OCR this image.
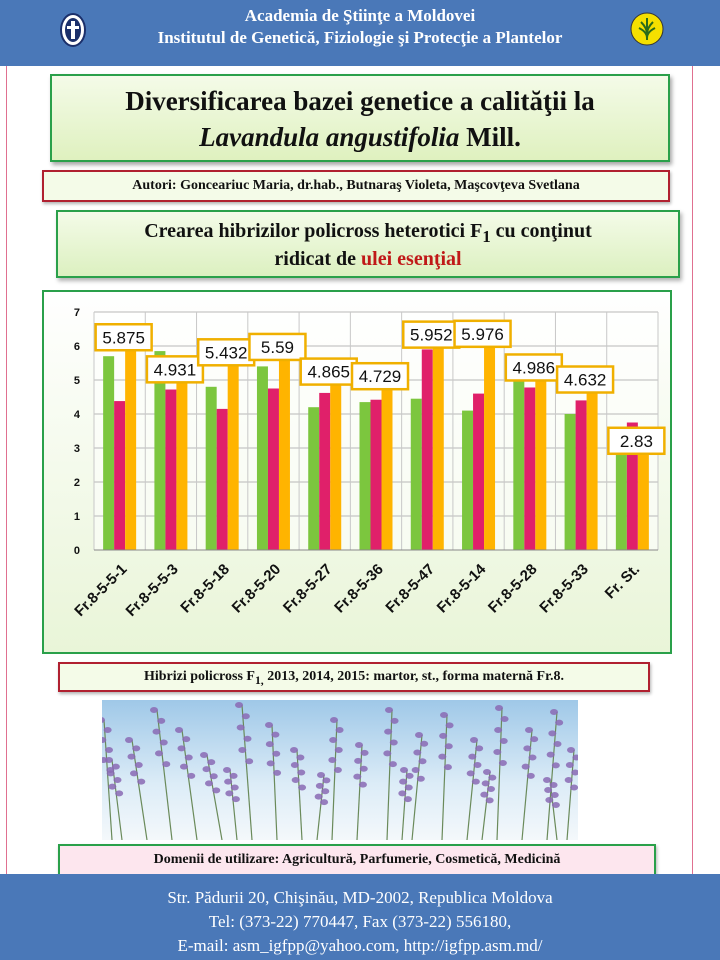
Academia de Ştiinţe a Moldovei
Institutul de Genetică, Fiziologie şi Protecţie a Plantelor
Diversificarea bazei genetice a calităţii la
Lavandula angustifolia Mill.
Autori: Gonceariuc Maria, dr.hab., Butnaraş Violeta, Maşcovţeva Svetlana
Crearea hibrizilor policross heterotici $F_1$ cu conţinut
ridicat de ulei esenţial
0
1
2
3
4
5
6
7
5.875
4.931
5.432 5.59
4.865 4.729
5.952 5.976
4.986
4.632
2.83
Fr.8-5-5-1
Fr.8-5-5-3
Fr.8-5-18
Fr.8-5-20
Fr.8-5-27
Fr.8-5-36
Fr.8-5-47
Fr.8-5-14
Fr.8-5-28
Fr.8-5-33 Fr. St.
Hibrizi policross $F_{1,}$ 2013, 2014, 2015: martor, st., forma maternă Fr.8.
Domenii de utilizare: Agricultură, Parfumerie, Cosmetică, Medicină
Str. Pădurii 20, Chişinău, MD-2002, Republica Moldova
Tel: (373-22) 770447, Fax (373-22) 556180,
E-mail: asm_igfpp@yahoo.com, http://igfpp.asm.md/
